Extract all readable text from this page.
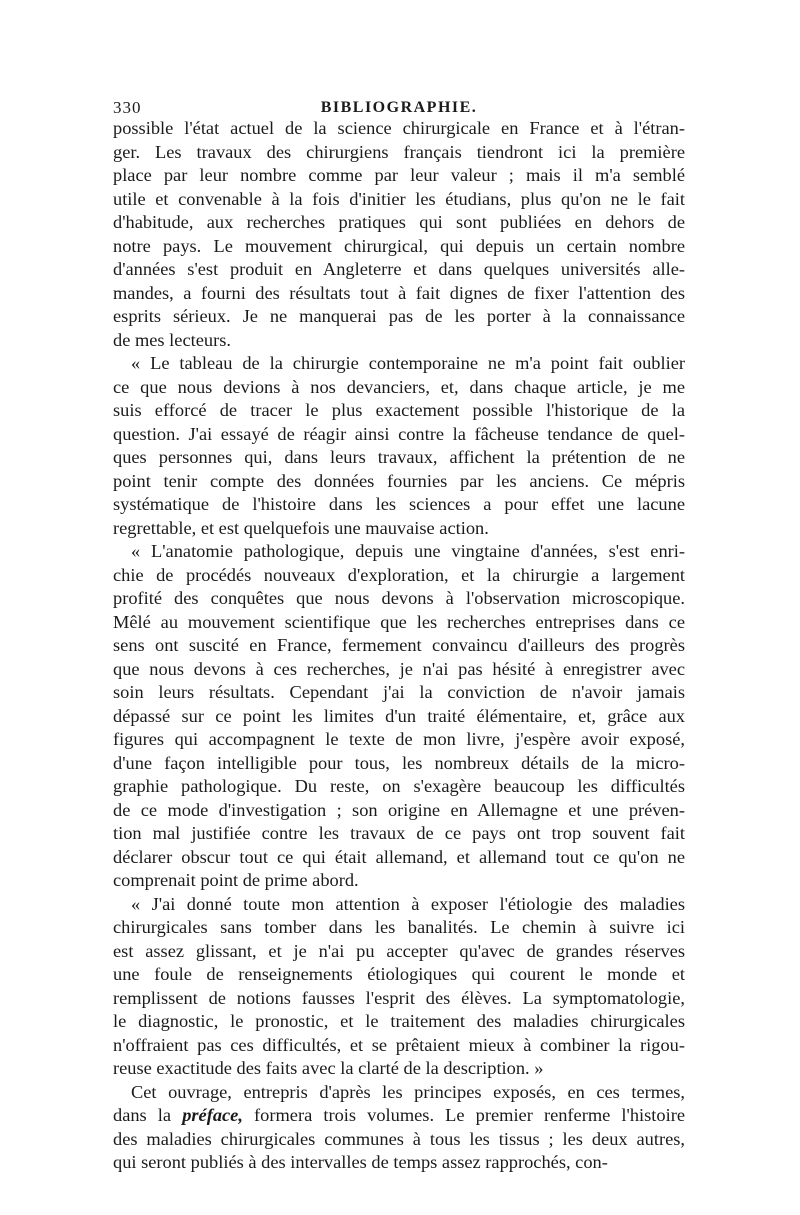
330	BIBLIOGRAPHIE.
possible l'état actuel de la science chirurgicale en France et à l'étran-
ger. Les travaux des chirurgiens français tiendront ici la première
place par leur nombre comme par leur valeur ; mais il m'a semblé
utile et convenable à la fois d'initier les étudians, plus qu'on ne le fait
d'habitude, aux recherches pratiques qui sont publiées en dehors de
notre pays. Le mouvement chirurgical, qui depuis un certain nombre
d'années s'est produit en Angleterre et dans quelques universités alle-
mandes, a fourni des résultats tout à fait dignes de fixer l'attention des
esprits sérieux. Je ne manquerai pas de les porter à la connaissance
de mes lecteurs.
« Le tableau de la chirurgie contemporaine ne m'a point fait oublier
ce que nous devions à nos devanciers, et, dans chaque article, je me
suis efforcé de tracer le plus exactement possible l'historique de la
question. J'ai essayé de réagir ainsi contre la fâcheuse tendance de quel-
ques personnes qui, dans leurs travaux, affichent la prétention de ne
point tenir compte des données fournies par les anciens. Ce mépris
systématique de l'histoire dans les sciences a pour effet une lacune
regrettable, et est quelquefois une mauvaise action.
« L'anatomie pathologique, depuis une vingtaine d'années, s'est enri-
chie de procédés nouveaux d'exploration, et la chirurgie a largement
profité des conquêtes que nous devons à l'observation microscopique.
Mêlé au mouvement scientifique que les recherches entreprises dans ce
sens ont suscité en France, fermement convaincu d'ailleurs des progrès
que nous devons à ces recherches, je n'ai pas hésité à enregistrer avec
soin leurs résultats. Cependant j'ai la conviction de n'avoir jamais
dépassé sur ce point les limites d'un traité élémentaire, et, grâce aux
figures qui accompagnent le texte de mon livre, j'espère avoir exposé,
d'une façon intelligible pour tous, les nombreux détails de la micro-
graphie pathologique. Du reste, on s'exagère beaucoup les difficultés
de ce mode d'investigation ; son origine en Allemagne et une préven-
tion mal justifiée contre les travaux de ce pays ont trop souvent fait
déclarer obscur tout ce qui était allemand, et allemand tout ce qu'on ne
comprenait point de prime abord.
« J'ai donné toute mon attention à exposer l'étiologie des maladies
chirurgicales sans tomber dans les banalités. Le chemin à suivre ici
est assez glissant, et je n'ai pu accepter qu'avec de grandes réserves
une foule de renseignements étiologiques qui courent le monde et
remplissent de notions fausses l'esprit des élèves. La symptomatologie,
le diagnostic, le pronostic, et le traitement des maladies chirurgicales
n'offraient pas ces difficultés, et se prêtaient mieux à combiner la rigou-
reuse exactitude des faits avec la clarté de la description. »
Cet ouvrage, entrepris d'après les principes exposés, en ces termes,
dans la préface, formera trois volumes. Le premier renferme l'histoire
des maladies chirurgicales communes à tous les tissus ; les deux autres,
qui seront publiés à des intervalles de temps assez rapprochés, con-
